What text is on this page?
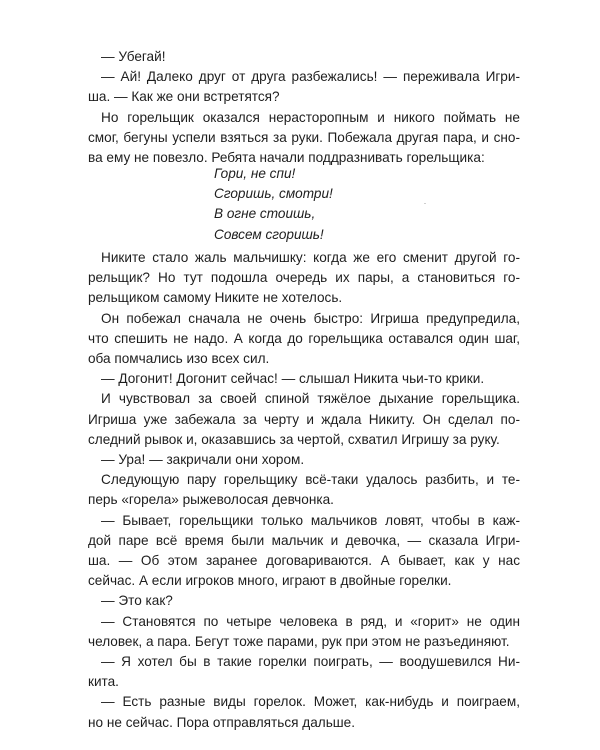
— Убегай!
— Ай! Далеко друг от друга разбежались! — переживала Игри-
ша. — Как же они встретятся?
Но горельщик оказался нерасторопным и никого поймать не
смог, бегуны успели взяться за руки. Побежала другая пара, и сно-
ва ему не повезло. Ребята начали поддразнивать горельщика:
Гори, не спи!
Сгоришь, смотри!
В огне стоишь,
Совсем сгоришь!
Никите стало жаль мальчишку: когда же его сменит другой го-
рельщик? Но тут подошла очередь их пары, а становиться го-
рельщиком самому Никите не хотелось.
Он побежал сначала не очень быстро: Игриша предупредила,
что спешить не надо. А когда до горельщика оставался один шаг,
оба помчались изо всех сил.
— Догонит! Догонит сейчас! — слышал Никита чьи-то крики.
И чувствовал за своей спиной тяжёлое дыхание горельщика.
Игриша уже забежала за черту и ждала Никиту. Он сделал по-
следний рывок и, оказавшись за чертой, схватил Игришу за руку.
— Ура! — закричали они хором.
Следующую пару горельщику всё-таки удалось разбить, и те-
перь «горела» рыжеволосая девчонка.
— Бывает, горельщики только мальчиков ловят, чтобы в каж-
дой паре всё время были мальчик и девочка, — сказала Игри-
ша. — Об этом заранее договариваются. А бывает, как у нас
сейчас. А если игроков много, играют в двойные горелки.
— Это как?
— Становятся по четыре человека в ряд, и «горит» не один
человек, а пара. Бегут тоже парами, рук при этом не разъединяют.
— Я хотел бы в такие горелки поиграть, — воодушевился Ни-
кита.
— Есть разные виды горелок. Может, как-нибудь и поиграем,
но не сейчас. Пора отправляться дальше.
